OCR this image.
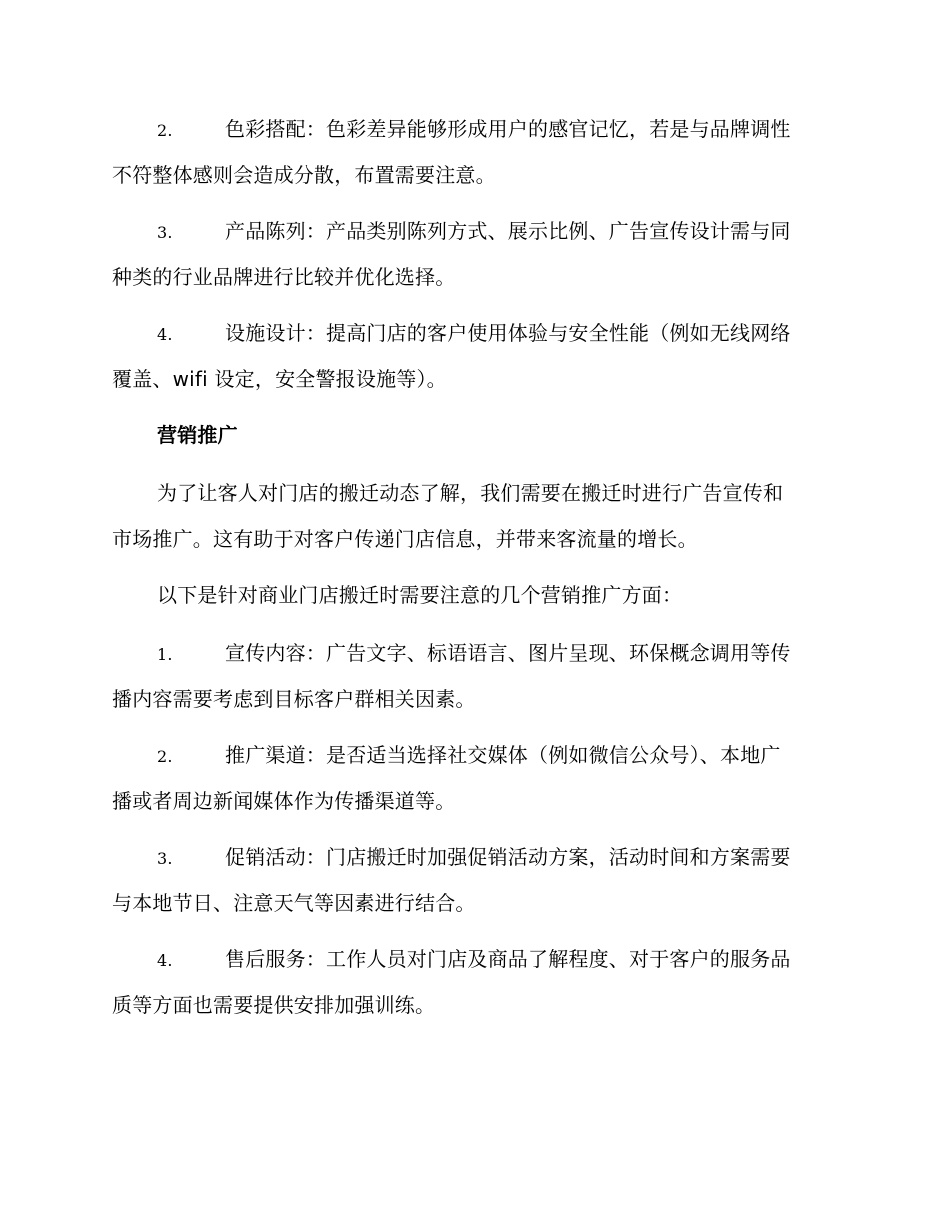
2.	色彩搭配：色彩差异能够形成用户的感官记忆，若是与品牌调性
不符整体感则会造成分散，布置需要注意。
3.	产品陈列：产品类别陈列方式、展示比例、广告宣传设计需与同
种类的行业品牌进行比较并优化选择。
4.	设施设计：提高门店的客户使用体验与安全性能（例如无线网络
覆盖、wifi 设定，安全警报设施等）。
营销推广
为了让客人对门店的搬迁动态了解，我们需要在搬迁时进行广告宣传和
市场推广。这有助于对客户传递门店信息，并带来客流量的增长。
以下是针对商业门店搬迁时需要注意的几个营销推广方面：
1.	宣传内容：广告文字、标语语言、图片呈现、环保概念调用等传
播内容需要考虑到目标客户群相关因素。
2.	推广渠道：是否适当选择社交媒体（例如微信公众号）、本地广
播或者周边新闻媒体作为传播渠道等。
3.	促销活动：门店搬迁时加强促销活动方案，活动时间和方案需要
与本地节日、注意天气等因素进行结合。
4.	售后服务：工作人员对门店及商品了解程度、对于客户的服务品
质等方面也需要提供安排加强训练。
